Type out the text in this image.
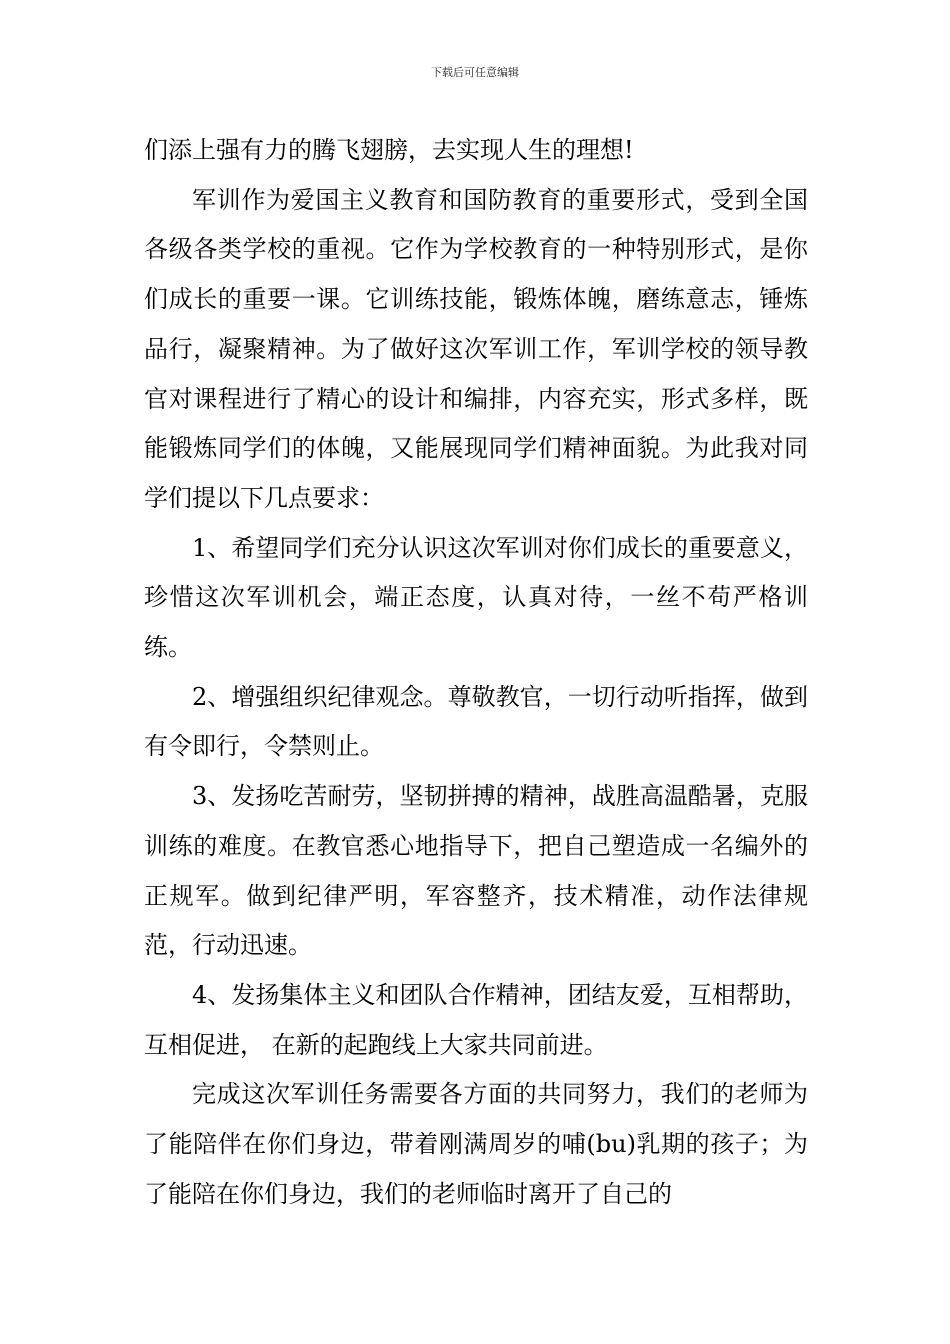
下载后可任意编辑

们添上强有力的腾飞翅膀，去实现人生的理想!

军训作为爱国主义教育和国防教育的重要形式，受到全国各级各类学校的重视。它作为学校教育的一种特别形式，是你们成长的重要一课。它训练技能，锻炼体魄，磨练意志，锤炼品行，凝聚精神。为了做好这次军训工作，军训学校的领导教官对课程进行了精心的设计和编排，内容充实，形式多样，既能锻炼同学们的体魄，又能展现同学们精神面貌。为此我对同学们提以下几点要求：

1、希望同学们充分认识这次军训对你们成长的重要意义，珍惜这次军训机会，端正态度，认真对待，一丝不苟严格训练。

2、增强组织纪律观念。尊敬教官，一切行动听指挥，做到有令即行，令禁则止。

3、发扬吃苦耐劳，坚韧拼搏的精神，战胜高温酷暑，克服训练的难度。在教官悉心地指导下，把自己塑造成一名编外的正规军。做到纪律严明，军容整齐，技术精准，动作法律规范，行动迅速。

4、发扬集体主义和团队合作精神，团结友爱，互相帮助，互相促进， 在新的起跑线上大家共同前进。

完成这次军训任务需要各方面的共同努力，我们的老师为了能陪伴在你们身边，带着刚满周岁的哺(bu)乳期的孩子；为了能陪在你们身边，我们的老师临时离开了自己的
